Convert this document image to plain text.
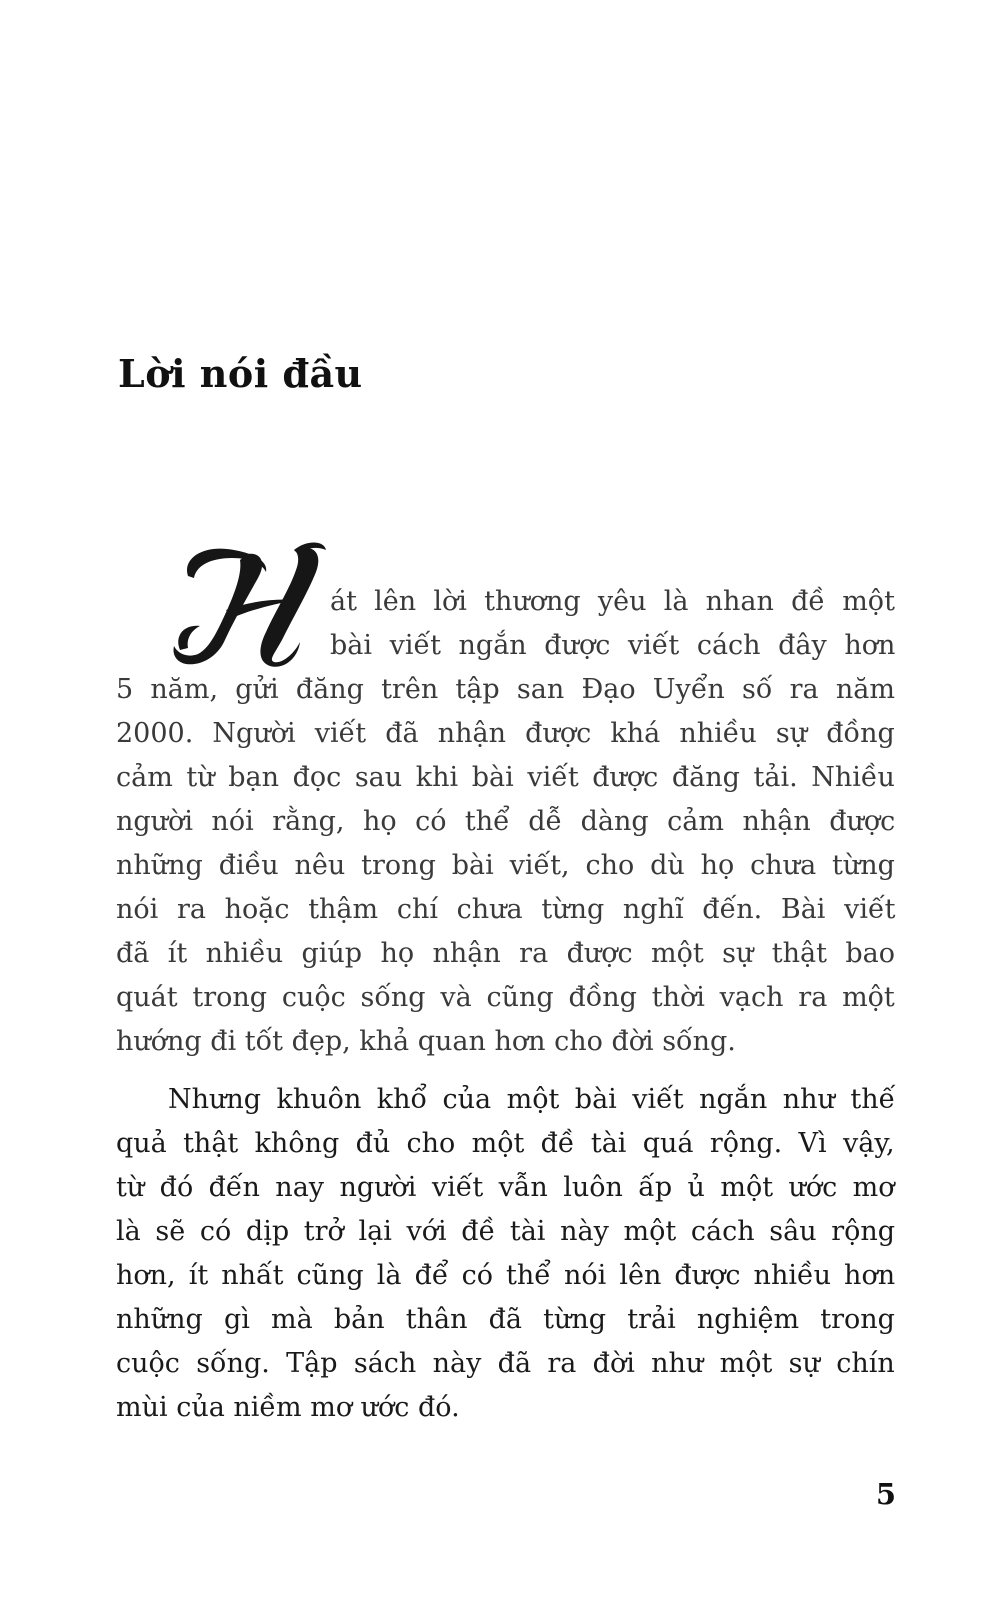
Lời nói đầu

át lên lời thương yêu là nhan đề một

bài viết ngắn được viết cách đây hơn

5 năm, gửi đăng trên tập san Đạo Uyển số ra năm

2000. Người viết đã nhận được khá nhiều sự đồng

cảm từ bạn đọc sau khi bài viết được đăng tải. Nhiều

người nói rằng, họ có thể dễ dàng cảm nhận được

những điều nêu trong bài viết, cho dù họ chưa từng

nói ra hoặc thậm chí chưa từng nghĩ đến. Bài viết

đã ít nhiều giúp họ nhận ra được một sự thật bao

quát trong cuộc sống và cũng đồng thời vạch ra một

hướng đi tốt đẹp, khả quan hơn cho đời sống.

Nhưng khuôn khổ của một bài viết ngắn như thế

quả thật không đủ cho một đề tài quá rộng. Vì vậy,

từ đó đến nay người viết vẫn luôn ấp ủ một ước mơ

là sẽ có dịp trở lại với đề tài này một cách sâu rộng

hơn, ít nhất cũng là để có thể nói lên được nhiều hơn

những gì mà bản thân đã từng trải nghiệm trong

cuộc sống. Tập sách này đã ra đời như một sự chín

mùi của niềm mơ ước đó.

5
